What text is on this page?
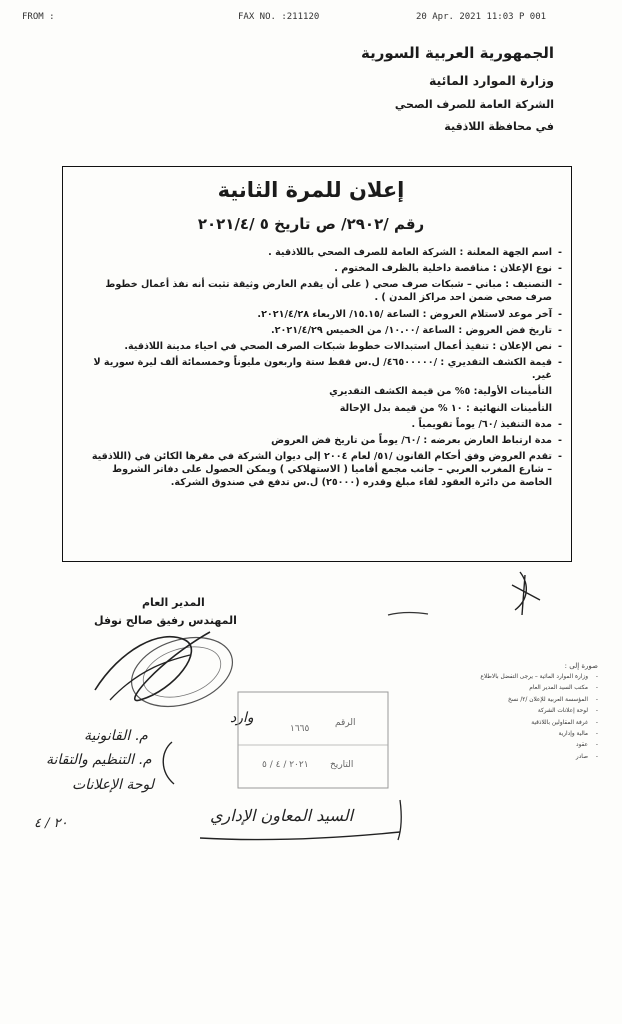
FROM :	FAX NO. :211120	20 Apr. 2021 11:03 P 001
الجمهورية العربية السورية
وزارة الموارد المائية
الشركة العامة للصرف الصحي
في محافظة اللاذقية
إعلان للمرة الثانية
رقم /٢٩٠٢/ ص تاريخ ٥ /٢٠٢١/٤
- اسم الجهة المعلنة : الشركة العامة للصرف الصحي باللاذقية .
- نوع الإعلان : مناقصة داخلية بالظرف المختوم .
- التصنيف : مباني – شبكات صرف صحي ( على أن يقدم العارض وثيقة تثبت أنه نفذ أعمال خطوط صرف صحي ضمن احد مراكز المدن ) .
- آخر موعد لاستلام العروض : الساعة /١٥.١٥/ الاربعاء ٢٠٢١/٤/٢٨.
- تاريخ فض العروض : الساعة /١٠.٠٠/ من الخميس ٢٠٢١/٤/٢٩.
- نص الإعلان : تنفيذ أعمال استبدالات خطوط شبكات الصرف الصحي في احياء مدينة اللاذقية.
- قيمة الكشف التقديري : /٤٦٥٠٠٠٠٠/ ل.س فقط ستة واربعون مليوناً وخمسمائة ألف ليرة سورية لا غير.
التأمينات الأولية: ٥% من قيمة الكشف التقديري
التأمينات النهائية : ١٠ % من قيمة بدل الإحالة
- مدة التنفيذ /٦٠/ يوماً تقويمياً .
- مدة ارتباط العارض بعرضه : /٦٠/ يوماً من تاريخ فض العروض
- تقدم العروض وفق أحكام القانون /٥١/ لعام ٢٠٠٤ إلى ديوان الشركة في مقرها الكائن في (اللاذقية – شارع المغرب العربي – جانب مجمع أفاميا ( الاستهلاكي ) ويمكن الحصول على دفاتر الشروط الخاصة من دائرة العقود لقاء مبلغ وقدره (٢٥٠٠٠) ل.س تدفع في صندوق الشركة.
المدير العام
المهندس رفيق صالح نوفل
الرقم
١٦٦٥
التاريخ
٢٠٢١ / ٤ / ٥
صورة إلى :
- وزارة الموارد المائية – يرجى التفضل بالاطلاع
- مكتب السيد المدير العام
- المؤسسة العربية للإعلان /٢/ نسخ
- لوحة إعلانات الشركة
- غرفة المقاولين باللاذقية
- مالية وإدارية
- عقود
- صادر
وارد
م. القانونية
م. التنظيم والتقانة
لوحة الإعلانات
٢٠ / ٤	السيد المعاون الإداري
